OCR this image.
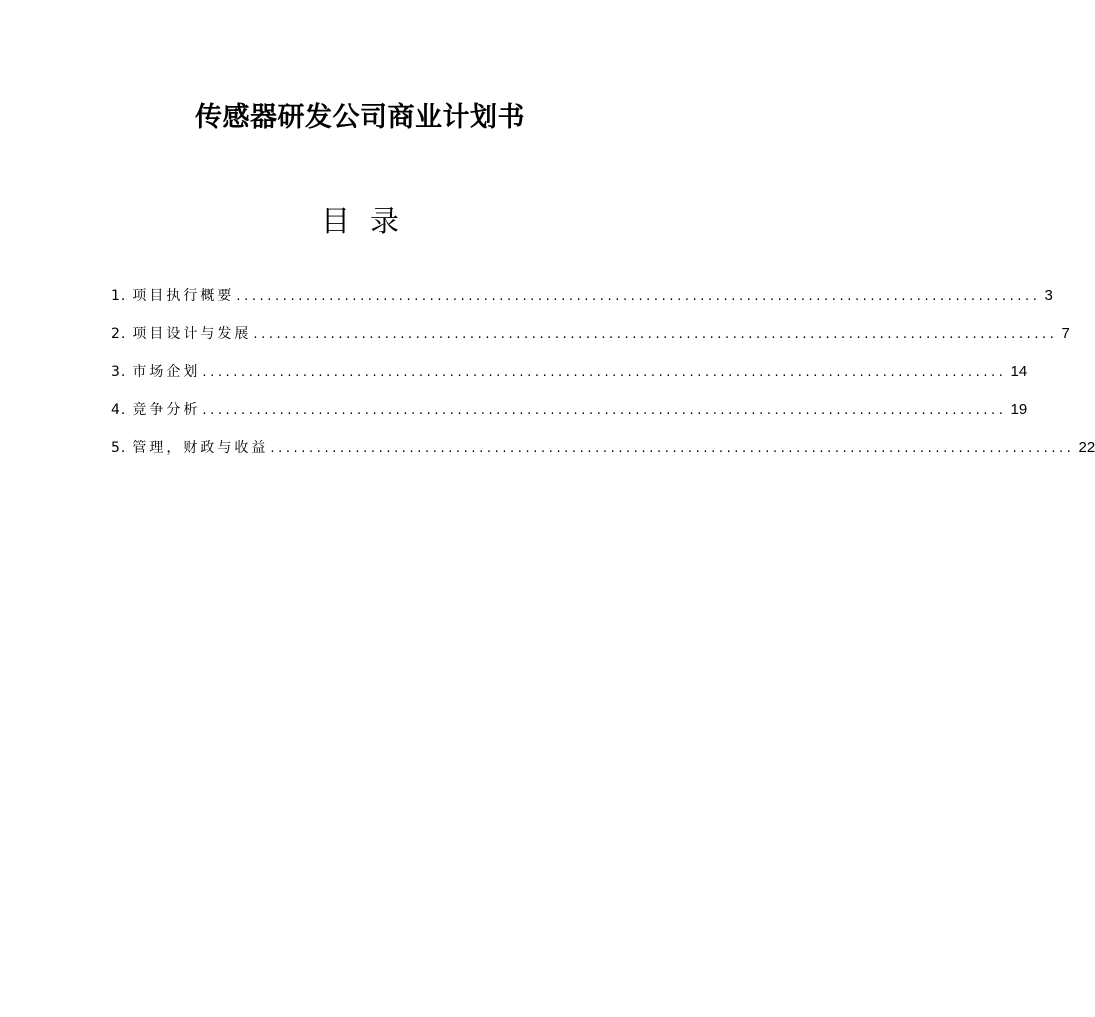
传感器研发公司商业计划书
目 录
1. 项目执行概要 ........................................................................................................ 3
2. 项目设计与发展 ........................................................................................................ 7
3. 市场企划 ........................................................................................................ 14
4. 竞争分析 ........................................................................................................ 19
5. 管理，财政与收益 ........................................................................................................ 22
